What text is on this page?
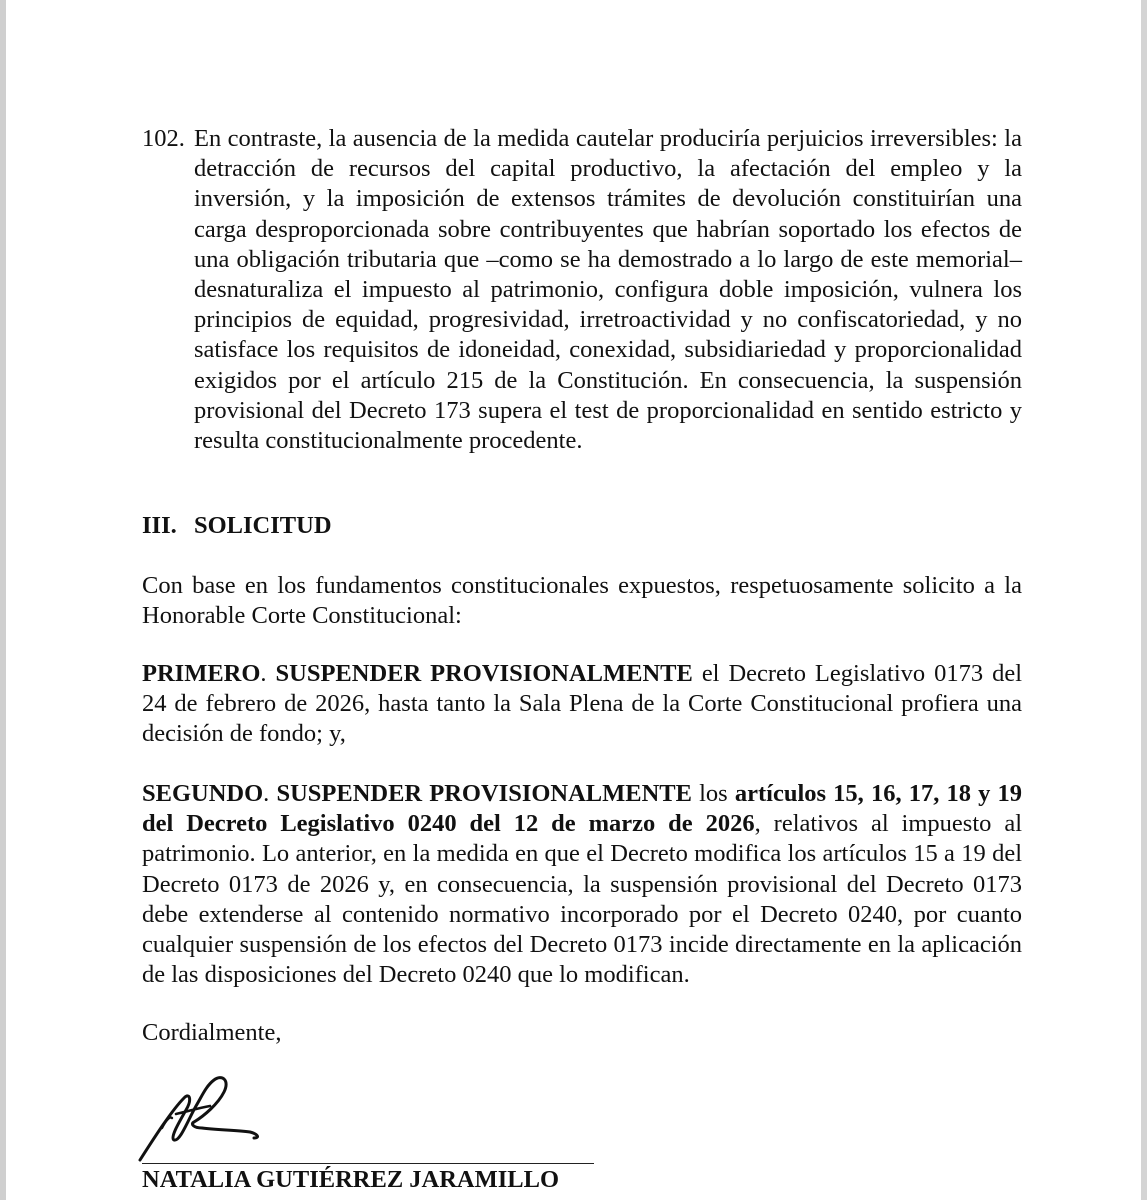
102. En contraste, la ausencia de la medida cautelar produciría perjuicios irreversibles: la detracción de recursos del capital productivo, la afectación del empleo y la inversión, y la imposición de extensos trámites de devolución constituirían una carga desproporcionada sobre contribuyentes que habrían soportado los efectos de una obligación tributaria que –como se ha demostrado a lo largo de este memorial– desnaturaliza el impuesto al patrimonio, configura doble imposición, vulnera los principios de equidad, progresividad, irretroactividad y no confiscatoriedad, y no satisface los requisitos de idoneidad, conexidad, subsidiariedad y proporcionalidad exigidos por el artículo 215 de la Constitución. En consecuencia, la suspensión provisional del Decreto 173 supera el test de proporcionalidad en sentido estricto y resulta constitucionalmente procedente.
III. SOLICITUD
Con base en los fundamentos constitucionales expuestos, respetuosamente solicito a la Honorable Corte Constitucional:
PRIMERO. SUSPENDER PROVISIONALMENTE el Decreto Legislativo 0173 del 24 de febrero de 2026, hasta tanto la Sala Plena de la Corte Constitucional profiera una decisión de fondo; y,
SEGUNDO. SUSPENDER PROVISIONALMENTE los artículos 15, 16, 17, 18 y 19 del Decreto Legislativo 0240 del 12 de marzo de 2026, relativos al impuesto al patrimonio. Lo anterior, en la medida en que el Decreto modifica los artículos 15 a 19 del Decreto 0173 de 2026 y, en consecuencia, la suspensión provisional del Decreto 0173 debe extenderse al contenido normativo incorporado por el Decreto 0240, por cuanto cualquier suspensión de los efectos del Decreto 0173 incide directamente en la aplicación de las disposiciones del Decreto 0240 que lo modifican.
Cordialmente,
NATALIA GUTIÉRREZ JARAMILLO
